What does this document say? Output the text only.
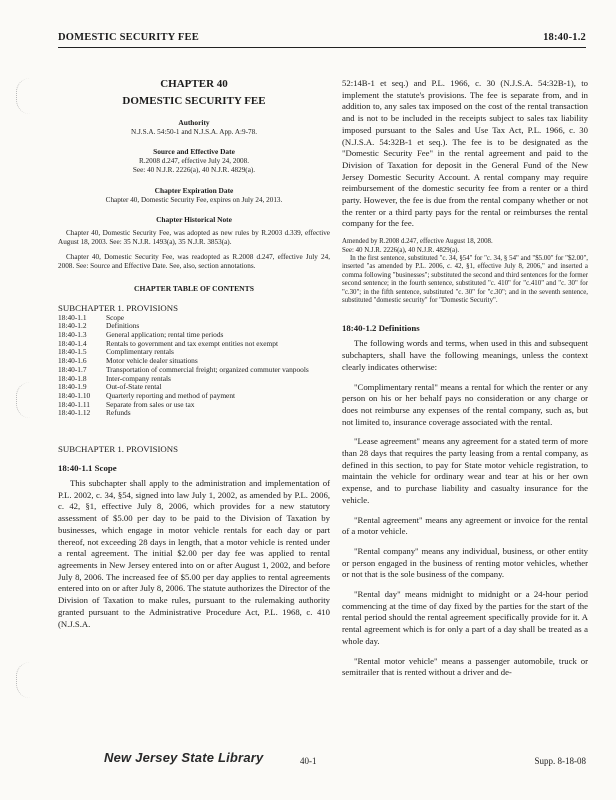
DOMESTIC SECURITY FEE	18:40-1.2

CHAPTER 40

DOMESTIC SECURITY FEE

Authority

N.J.S.A. 54:50-1 and N.J.S.A. App. A:9-78.

Source and Effective Date

R.2008 d.247, effective July 24, 2008.

See: 40 N.J.R. 2226(a), 40 N.J.R. 4829(a).

Chapter Expiration Date

Chapter 40, Domestic Security Fee, expires on July 24, 2013.

Chapter Historical Note

Chapter 40, Domestic Security Fee, was adopted as new rules by R.2003 d.339, effective August 18, 2003. See: 35 N.J.R. 1493(a), 35 N.J.R. 3853(a).

Chapter 40, Domestic Security Fee, was readopted as R.2008 d.247, effective July 24, 2008. See: Source and Effective Date. See, also, section annotations.

CHAPTER TABLE OF CONTENTS

SUBCHAPTER 1. PROVISIONS

18:40-1.1	Scope
18:40-1.2	Definitions
18:40-1.3	General application; rental time periods
18:40-1.4	Rentals to government and tax exempt entities not exempt
18:40-1.5	Complimentary rentals
18:40-1.6	Motor vehicle dealer situations
18:40-1.7	Transportation of commercial freight; organized commuter vanpools
18:40-1.8	Inter-company rentals
18:40-1.9	Out-of-State rental
18:40-1.10	Quarterly reporting and method of payment
18:40-1.11	Separate from sales or use tax
18:40-1.12	Refunds

SUBCHAPTER 1. PROVISIONS

18:40-1.1 Scope

This subchapter shall apply to the administration and implementation of P.L. 2002, c. 34, §54, signed into law July 1, 2002, as amended by P.L. 2006, c. 42, §1, effective July 8, 2006, which provides for a new statutory assessment of $5.00 per day to be paid to the Division of Taxation by businesses, which engage in motor vehicle rentals for each day or part thereof, not exceeding 28 days in length, that a motor vehicle is rented under a rental agreement. The initial $2.00 per day fee was applied to rental agreements in New Jersey entered into on or after August 1, 2002, and before July 8, 2006. The increased fee of $5.00 per day applies to rental agreements entered into on or after July 8, 2006. The statute authorizes the Director of the Division of Taxation to make rules, pursuant to the rulemaking authority granted pursuant to the Administrative Procedure Act, P.L. 1968, c. 410 (N.J.S.A.

52:14B-1 et seq.) and P.L. 1966, c. 30 (N.J.S.A. 54:32B-1), to implement the statute's provisions. The fee is separate from, and in addition to, any sales tax imposed on the cost of the rental transaction and is not to be included in the receipts subject to sales tax liability imposed pursuant to the Sales and Use Tax Act, P.L. 1966, c. 30 (N.J.S.A. 54:32B-1 et seq.). The fee is to be designated as the "Domestic Security Fee" in the rental agreement and paid to the Division of Taxation for deposit in the General Fund of the New Jersey Domestic Security Account. A rental company may require reimbursement of the domestic security fee from a renter or a third party. However, the fee is due from the rental company whether or not the renter or a third party pays for the rental or reimburses the rental company for the fee.

Amended by R.2008 d.247, effective August 18, 2008.
See: 40 N.J.R. 2226(a), 40 N.J.R. 4829(a).
In the first sentence, substituted "c. 34, §54" for "c. 34, § 54" and "$5.00" for "$2.00", inserted "as amended by P.L. 2006, c. 42, §1, effective July 8, 2006," and inserted a comma following "businesses"; substituted the second and third sentences for the former second sentence; in the fourth sentence, substituted "c. 410" for "c.410" and "c. 30" for "c.30"; in the fifth sentence, substituted "c. 30" for "c.30"; and in the seventh sentence, substituted "domestic security" for "Domestic Security".

18:40-1.2 Definitions

The following words and terms, when used in this and subsequent subchapters, shall have the following meanings, unless the context clearly indicates otherwise:

"Complimentary rental" means a rental for which the renter or any person on his or her behalf pays no consideration or any charge or does not reimburse any expenses of the rental company, such as, but not limited to, insurance coverage associated with the rental.

"Lease agreement" means any agreement for a stated term of more than 28 days that requires the party leasing from a rental company, as defined in this section, to pay for State motor vehicle registration, to maintain the vehicle for ordinary wear and tear at his or her own expense, and to purchase liability and casualty insurance for the vehicle.

"Rental agreement" means any agreement or invoice for the rental of a motor vehicle.

"Rental company" means any individual, business, or other entity or person engaged in the business of renting motor vehicles, whether or not that is the sole business of the company.

"Rental day" means midnight to midnight or a 24-hour period commencing at the time of day fixed by the parties for the start of the rental period should the rental agreement specifically provide for it. A rental agreement which is for only a part of a day shall be treated as a whole day.

"Rental motor vehicle" means a passenger automobile, truck or semitrailer that is rented without a driver and de-

New Jersey State Library	40-1	Supp. 8-18-08
